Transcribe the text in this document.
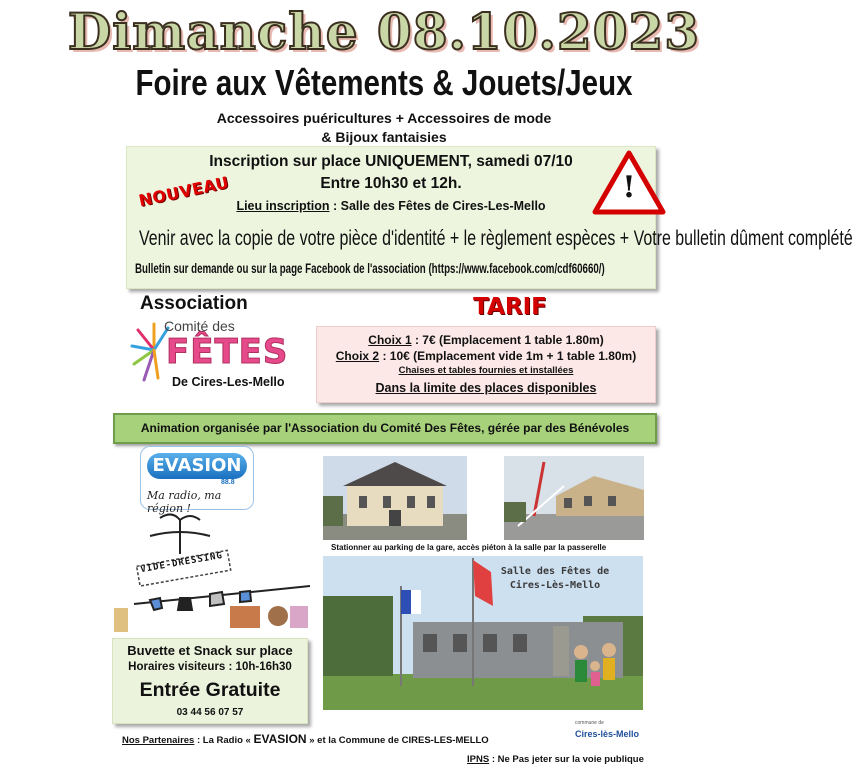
Dimanche 08.10.2023
Foire aux Vêtements & Jouets/Jeux
Accessoires puéricultures + Accessoires de mode
& Bijoux fantaisies
Inscription sur place UNIQUEMENT, samedi 07/10
Entre 10h30 et 12h.
Lieu inscription : Salle des Fêtes de Cires-Les-Mello
Venir avec la copie de votre pièce d'identité + le règlement espèces + Votre bulletin dûment complété
Bulletin sur demande ou sur la page Facebook de l'association (https://www.facebook.com/cdf60660/)
NOUVEAU	!
Association
Comité des
FÊTES
De Cires-Les-Mello
TARIF
Choix 1 : 7€ (Emplacement 1 table 1.80m)
Choix 2 : 10€ (Emplacement vide 1m + 1 table 1.80m)
Chaises et tables fournies et installées
Dans la limite des places disponibles
Animation organisée par l'Association du Comité Des Fêtes, gérée par des Bénévoles
EVASION
88.8
Ma radio, ma région !
VIDE-DRESSING
Stationner au parking de la gare, accès piéton à la salle par la passerelle
Salle des Fêtes de
Cires-Lès-Mello
Buvette et Snack sur place
Horaires visiteurs : 10h-16h30
Entrée Gratuite
03 44 56 07 57
Nos Partenaires : La Radio « EVASION » et la Commune de CIRES-LES-MELLO
commune de
Cires-lès-Mello
IPNS : Ne Pas jeter sur la voie publique
